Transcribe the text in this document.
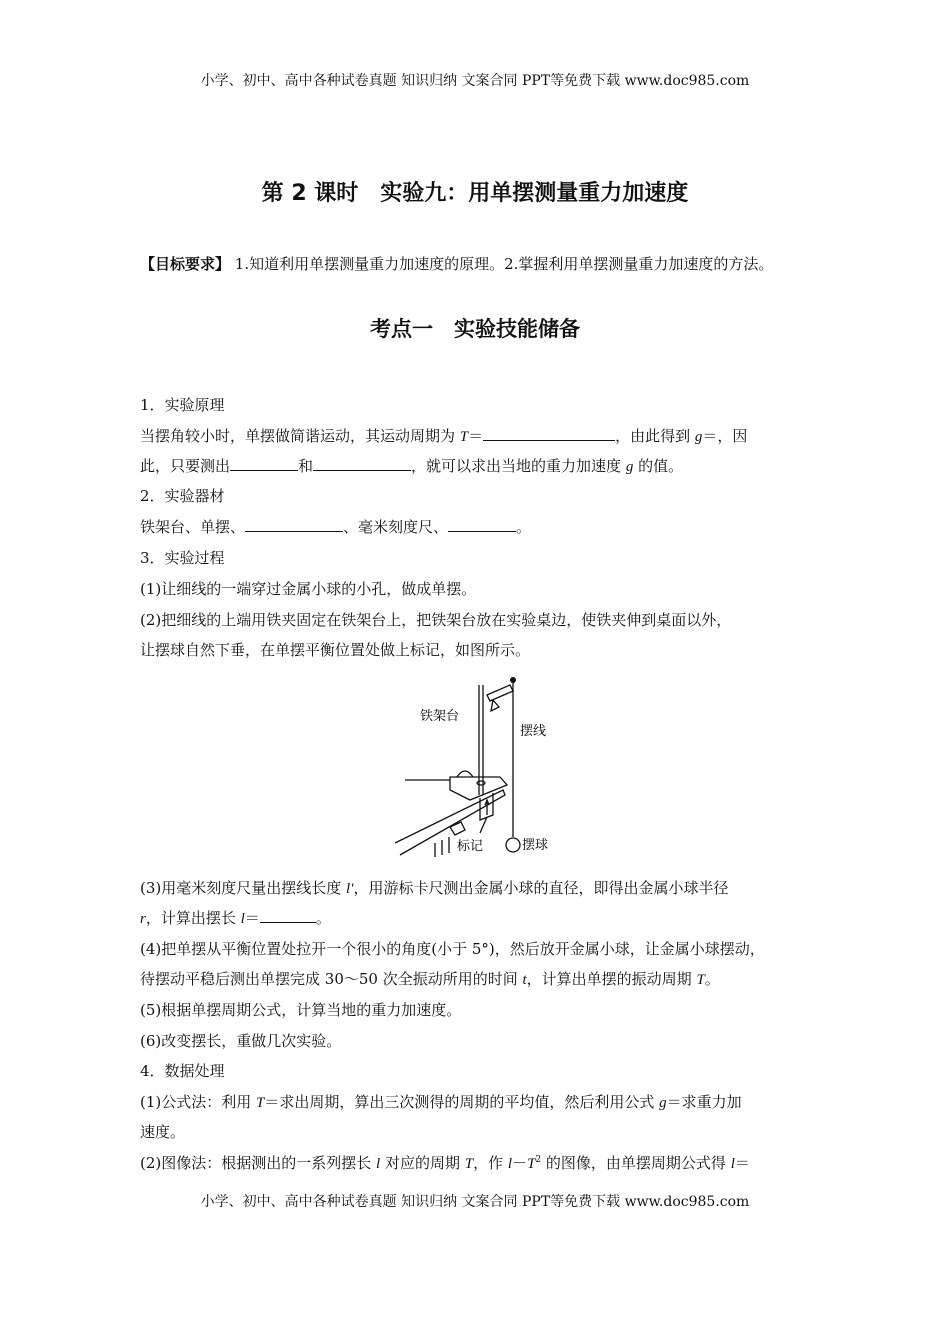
小学、初中、高中各种试卷真题 知识归纳 文案合同 PPT等免费下载 www.doc985.com
第 2 课时　实验九：用单摆测量重力加速度
【目标要求】 1.知道利用单摆测量重力加速度的原理。2.掌握利用单摆测量重力加速度的方法。
考点一　实验技能储备
1．实验原理
当摆角较小时，单摆做简谐运动，其运动周期为 T＝	，由此得到 g＝，因
此，只要测出	和	，就可以求出当地的重力加速度 g 的值。
2．实验器材
铁架台、单摆、	、毫米刻度尺、	。
3．实验过程
(1)让细线的一端穿过金属小球的小孔，做成单摆。
(2)把细线的上端用铁夹固定在铁架台上，把铁架台放在实验桌边，使铁夹伸到桌面以外，
让摆球自然下垂，在单摆平衡位置处做上标记，如图所示。
铁架台
摆线
标记	摆球
(3)用毫米刻度尺量出摆线长度 l′，用游标卡尺测出金属小球的直径，即得出金属小球半径
r，计算出摆长 l＝	。
(4)把单摆从平衡位置处拉开一个很小的角度(小于 5°)，然后放开金属小球，让金属小球摆动，
待摆动平稳后测出单摆完成 30～50 次全振动所用的时间 t，计算出单摆的振动周期 T。
(5)根据单摆周期公式，计算当地的重力加速度。
(6)改变摆长，重做几次实验。
4．数据处理
(1)公式法：利用 T＝求出周期，算出三次测得的周期的平均值，然后利用公式 g＝求重力加
速度。
(2)图像法：根据测出的一系列摆长 l 对应的周期 T，作 $l-T^2$ 的图像，由单摆周期公式得 l＝
小学、初中、高中各种试卷真题 知识归纳 文案合同 PPT等免费下载 www.doc985.com
